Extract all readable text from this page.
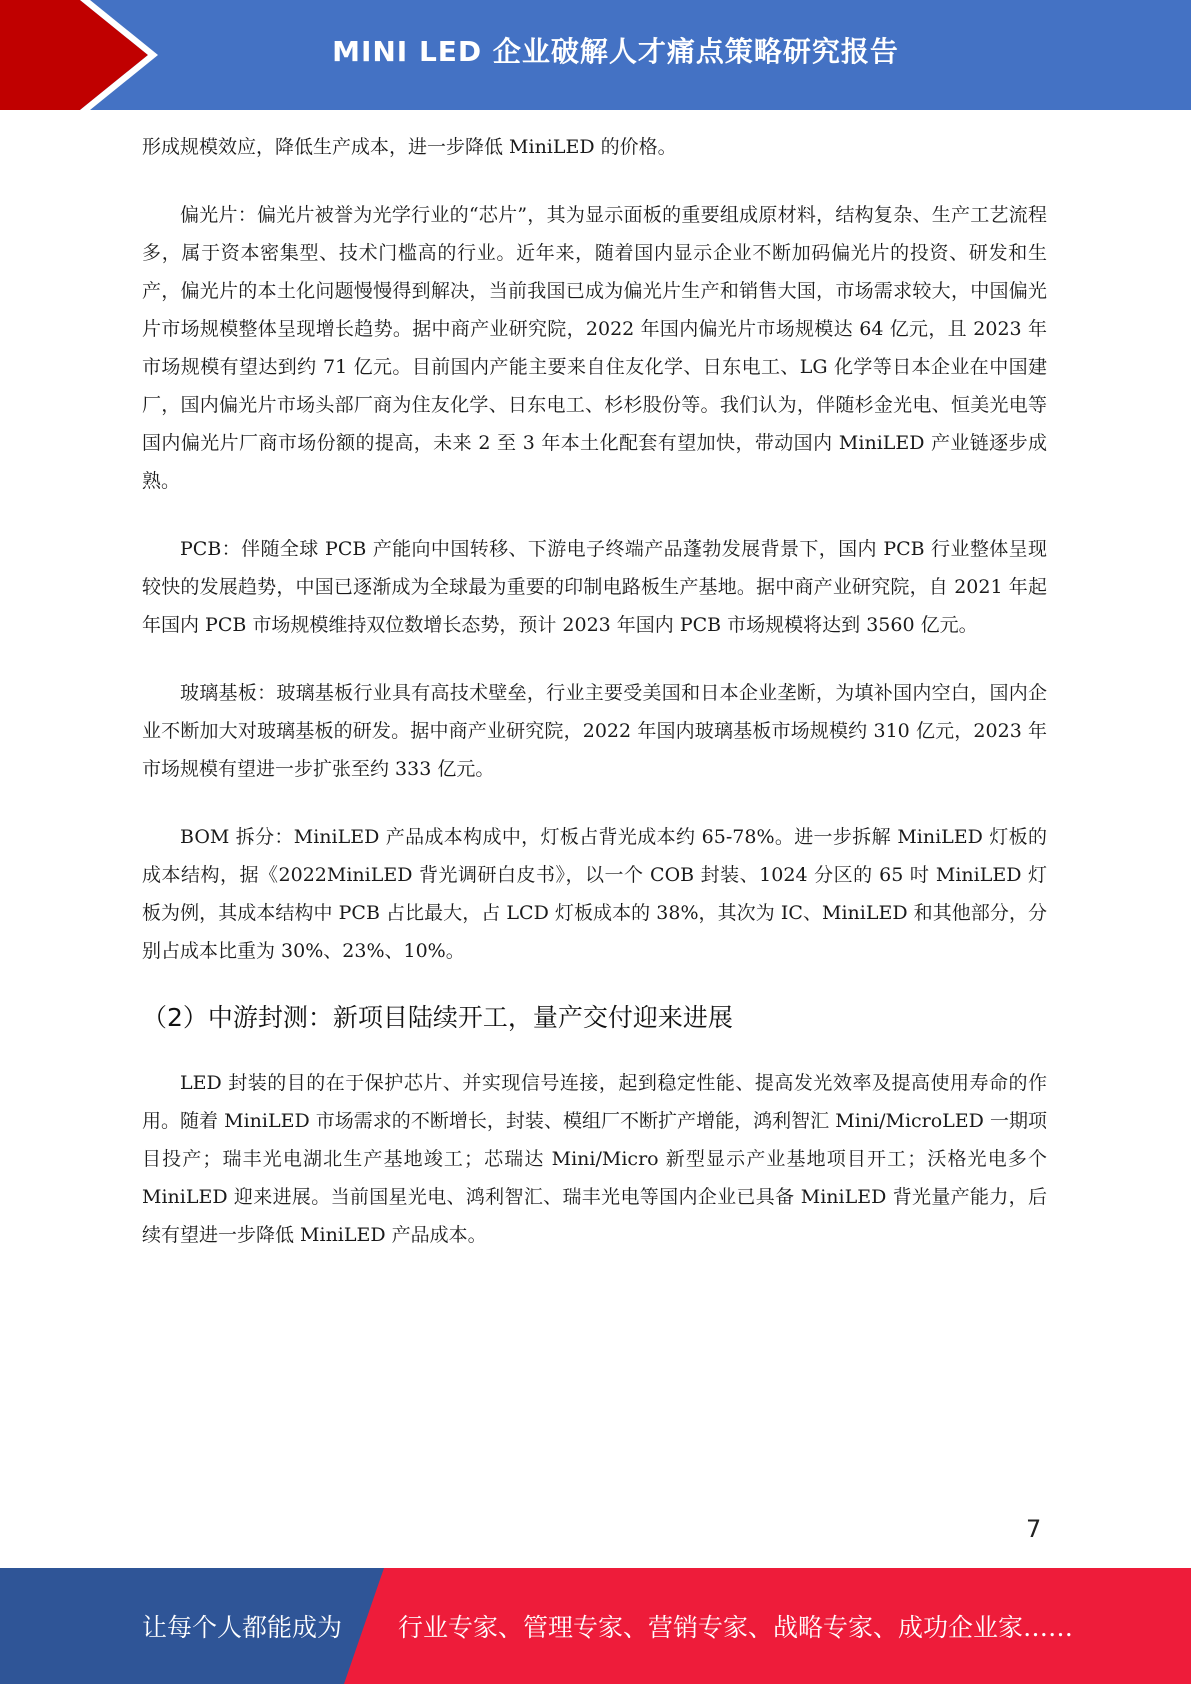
MINI LED 企业破解人才痛点策略研究报告

形成规模效应，降低生产成本，进一步降低 MiniLED 的价格。

偏光片：偏光片被誉为光学行业的“芯片”，其为显示面板的重要组成原材料，结构复杂、生产工艺流程多，属于资本密集型、技术门槛高的行业。近年来，随着国内显示企业不断加码偏光片的投资、研发和生产，偏光片的本土化问题慢慢得到解决，当前我国已成为偏光片生产和销售大国，市场需求较大，中国偏光片市场规模整体呈现增长趋势。据中商产业研究院，2022 年国内偏光片市场规模达 64 亿元，且 2023 年市场规模有望达到约 71 亿元。目前国内产能主要来自住友化学、日东电工、LG 化学等日本企业在中国建厂，国内偏光片市场头部厂商为住友化学、日东电工、杉杉股份等。我们认为，伴随杉金光电、恒美光电等国内偏光片厂商市场份额的提高，未来 2 至 3 年本土化配套有望加快，带动国内 MiniLED 产业链逐步成熟。

PCB：伴随全球 PCB 产能向中国转移、下游电子终端产品蓬勃发展背景下，国内 PCB 行业整体呈现较快的发展趋势，中国已逐渐成为全球最为重要的印制电路板生产基地。据中商产业研究院，自 2021 年起年国内 PCB 市场规模维持双位数增长态势，预计 2023 年国内 PCB 市场规模将达到 3560 亿元。

玻璃基板：玻璃基板行业具有高技术壁垒，行业主要受美国和日本企业垄断，为填补国内空白，国内企业不断加大对玻璃基板的研发。据中商产业研究院，2022 年国内玻璃基板市场规模约 310 亿元，2023 年市场规模有望进一步扩张至约 333 亿元。

BOM 拆分：MiniLED 产品成本构成中，灯板占背光成本约 65-78%。进一步拆解 MiniLED 灯板的成本结构，据《2022MiniLED 背光调研白皮书》，以一个 COB 封装、1024 分区的 65 吋 MiniLED 灯板为例，其成本结构中 PCB 占比最大，占 LCD 灯板成本的 38%，其次为 IC、MiniLED 和其他部分，分别占成本比重为 30%、23%、10%。

（2）中游封测：新项目陆续开工，量产交付迎来进展

LED 封装的目的在于保护芯片、并实现信号连接，起到稳定性能、提高发光效率及提高使用寿命的作用。随着 MiniLED 市场需求的不断增长，封装、模组厂不断扩产增能，鸿利智汇 Mini/MicroLED 一期项目投产；瑞丰光电湖北生产基地竣工；芯瑞达 Mini/Micro 新型显示产业基地项目开工；沃格光电多个 MiniLED 迎来进展。当前国星光电、鸿利智汇、瑞丰光电等国内企业已具备 MiniLED 背光量产能力，后续有望进一步降低 MiniLED 产品成本。

7
让每个人都能成为 行业专家、管理专家、营销专家、战略专家、成功企业家……
